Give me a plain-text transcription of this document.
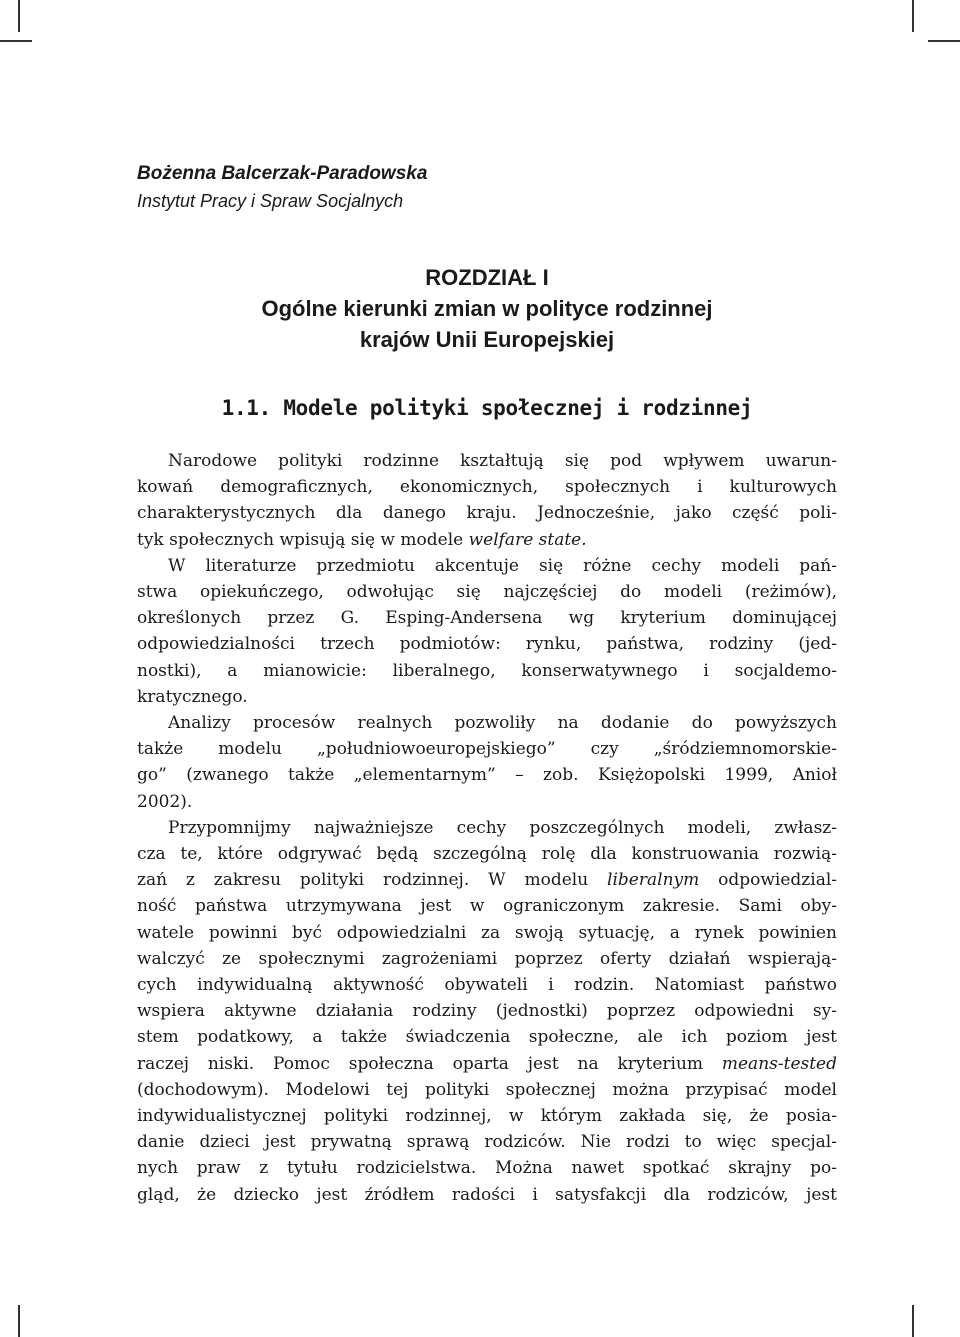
Bożenna Balcerzak-Paradowska

Instytut Pracy i Spraw Socjalnych

ROZDZIAŁ I
Ogólne kierunki zmian w polityce rodzinnej
krajów Unii Europejskiej
1.1. Modele polityki społecznej i rodzinnej

Narodowe polityki rodzinne kształtują się pod wpływem uwarun-
kowań demograficznych, ekonomicznych, społecznych i kulturowych
charakterystycznych dla danego kraju. Jednocześnie, jako część poli-
tyk społecznych wpisują się w modele welfare state.

W literaturze przedmiotu akcentuje się różne cechy modeli pań-
stwa opiekuńczego, odwołując się najczęściej do modeli (reżimów),
określonych przez G. Esping-Andersena wg kryterium dominującej
odpowiedzialności trzech podmiotów: rynku, państwa, rodziny (jed-
nostki), a mianowicie: liberalnego, konserwatywnego i socjaldemo-
kratycznego.

Analizy procesów realnych pozwoliły na dodanie do powyższych
także modelu „południowoeuropejskiego” czy „śródziemnomorskie-
go” (zwanego także „elementarnym” – zob. Księżopolski 1999, Anioł
2002).

Przypomnijmy najważniejsze cechy poszczególnych modeli, zwłasz-
cza te, które odgrywać będą szczególną rolę dla konstruowania rozwią-
zań z zakresu polityki rodzinnej. W modelu liberalnym odpowiedzial-
ność państwa utrzymywana jest w ograniczonym zakresie. Sami oby-
watele powinni być odpowiedzialni za swoją sytuację, a rynek powinien
walczyć ze społecznymi zagrożeniami poprzez oferty działań wspierają-
cych indywidualną aktywność obywateli i rodzin. Natomiast państwo
wspiera aktywne działania rodziny (jednostki) poprzez odpowiedni sy-
stem podatkowy, a także świadczenia społeczne, ale ich poziom jest
raczej niski. Pomoc społeczna oparta jest na kryterium means-tested
(dochodowym). Modelowi tej polityki społecznej można przypisać model
indywidualistycznej polityki rodzinnej, w którym zakłada się, że posia-
danie dzieci jest prywatną sprawą rodziców. Nie rodzi to więc specjal-
nych praw z tytułu rodzicielstwa. Można nawet spotkać skrajny po-
gląd, że dziecko jest źródłem radości i satysfakcji dla rodziców, jest
